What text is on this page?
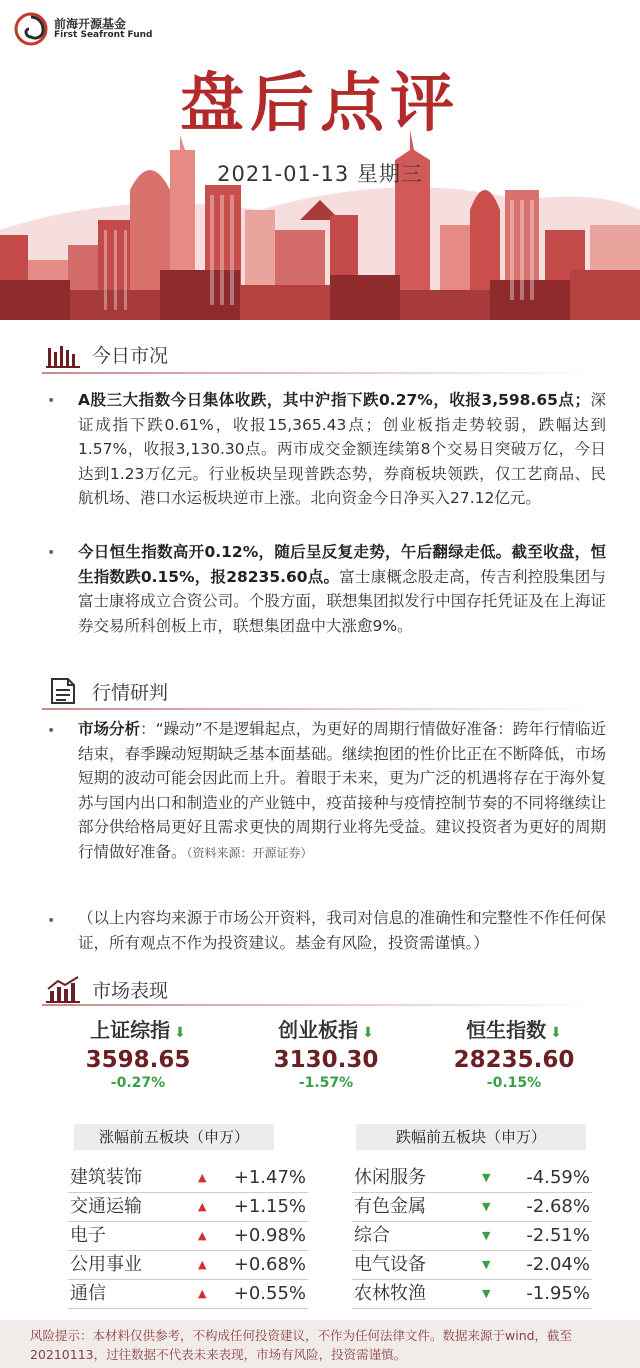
前海开源基金
First Seafront Fund
盘后点评
2021-01-13 星期三
今日市况
• A股三大指数今日集体收跌，其中沪指下跌0.27%，收报3,598.65点；深证成指下跌0.61%，收报15,365.43点；创业板指走势较弱，跌幅达到1.57%，收报3,130.30点。两市成交金额连续第8个交易日突破万亿，今日达到1.23万亿元。行业板块呈现普跌态势，券商板块领跌，仅工艺商品、民航机场、港口水运板块逆市上涨。北向资金今日净买入27.12亿元。
• 今日恒生指数高开0.12%，随后呈反复走势，午后翻绿走低。截至收盘，恒生指数跌0.15%，报28235.60点。富士康概念股走高，传吉利控股集团与富士康将成立合资公司。个股方面，联想集团拟发行中国存托凭证及在上海证券交易所科创板上市，联想集团盘中大涨愈9%。
行情研判
• 市场分析：“躁动”不是逻辑起点，为更好的周期行情做好准备：跨年行情临近结束，春季躁动短期缺乏基本面基础。继续抱团的性价比正在不断降低，市场短期的波动可能会因此而上升。着眼于未来，更为广泛的机遇将存在于海外复苏与国内出口和制造业的产业链中，疫苗接种与疫情控制节奏的不同将继续让部分供给格局更好且需求更快的周期行业将先受益。建议投资者为更好的周期行情做好准备。（资料来源：开源证券）
• （以上内容均来源于市场公开资料，我司对信息的准确性和完整性不作任何保证，所有观点不作为投资建议。基金有风险，投资需谨慎。）
市场表现
上证综指 ⬇
3598.65
-0.27%
创业板指 ⬇
3130.30
-1.57%
恒生指数 ⬇
28235.60
-0.15%
涨幅前五板块（申万）	跌幅前五板块（申万）
建筑装饰	▲ +1.47%
交通运输	▲ +1.15%
电子	▲ +0.98%
公用事业	▲ +0.68%
通信	▲ +0.55%
休闲服务	▼ -4.59%
有色金属	▼ -2.68%
综合	▼ -2.51%
电气设备	▼ -2.04%
农林牧渔	▼ -1.95%
风险提示：本材料仅供参考，不构成任何投资建议，不作为任何法律文件。数据来源于wind，截至20210113，过往数据不代表未来表现，市场有风险，投资需谨慎。
